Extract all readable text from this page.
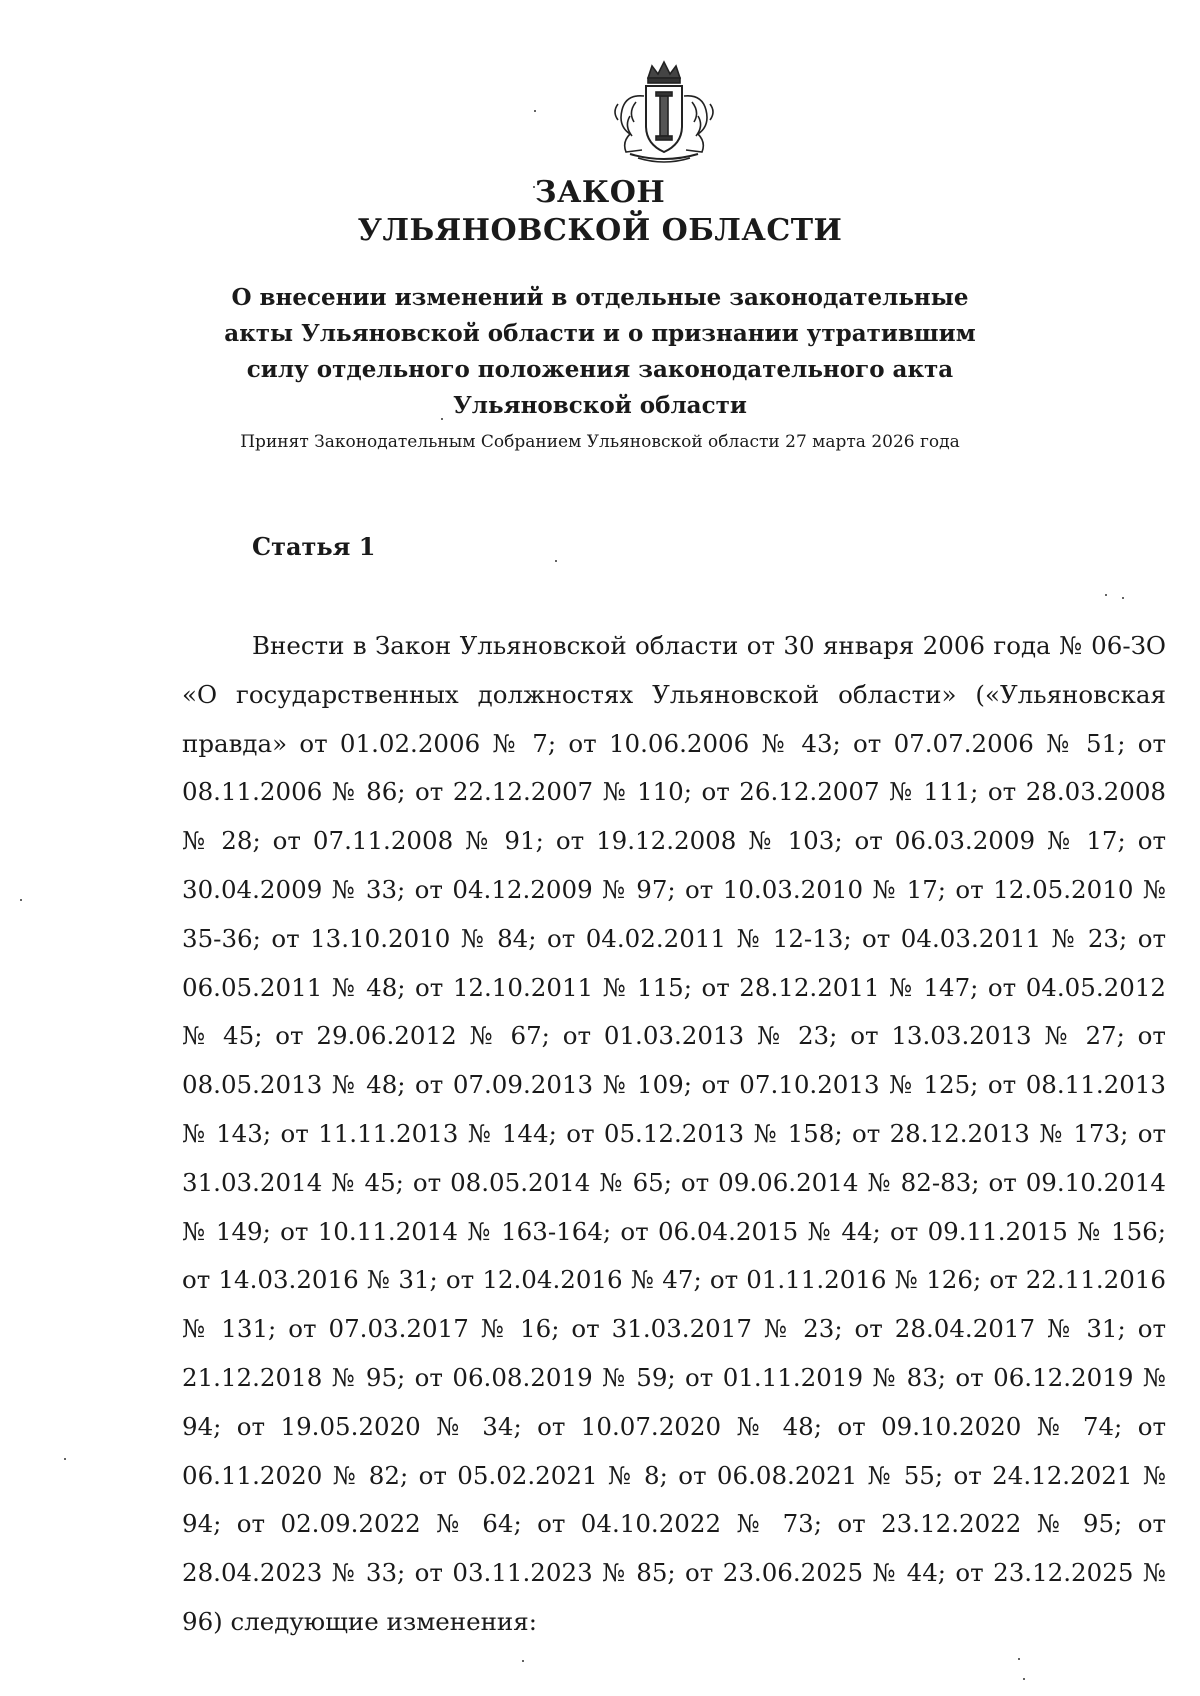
ЗАКОН
УЛЬЯНОВСКОЙ ОБЛАСТИ
О внесении изменений в отдельные законодательные акты Ульяновской области и о признании утратившим силу отдельного положения законодательного акта Ульяновской области
Принят Законодательным Собранием Ульяновской области 27 марта 2026 года
Статья 1

Внести в Закон Ульяновской области от 30 января 2006 года № 06-ЗО «О государственных должностях Ульяновской области» («Ульяновская правда» от 01.02.2006 № 7; от 10.06.2006 № 43; от 07.07.2006 № 51; от 08.11.2006 № 86; от 22.12.2007 № 110; от 26.12.2007 № 111; от 28.03.2008 № 28; от 07.11.2008 № 91; от 19.12.2008 № 103; от 06.03.2009 № 17; от 30.04.2009 № 33; от 04.12.2009 № 97; от 10.03.2010 № 17; от 12.05.2010 № 35-36; от 13.10.2010 № 84; от 04.02.2011 № 12-13; от 04.03.2011 № 23; от 06.05.2011 № 48; от 12.10.2011 № 115; от 28.12.2011 № 147; от 04.05.2012 № 45; от 29.06.2012 № 67; от 01.03.2013 № 23; от 13.03.2013 № 27; от 08.05.2013 № 48; от 07.09.2013 № 109; от 07.10.2013 № 125; от 08.11.2013 № 143; от 11.11.2013 № 144; от 05.12.2013 № 158; от 28.12.2013 № 173; от 31.03.2014 № 45; от 08.05.2014 № 65; от 09.06.2014 № 82-83; от 09.10.2014 № 149; от 10.11.2014 № 163-164; от 06.04.2015 № 44; от 09.11.2015 № 156; от 14.03.2016 № 31; от 12.04.2016 № 47; от 01.11.2016 № 126; от 22.11.2016 № 131; от 07.03.2017 № 16; от 31.03.2017 № 23; от 28.04.2017 № 31; от 21.12.2018 № 95; от 06.08.2019 № 59; от 01.11.2019 № 83; от 06.12.2019 № 94; от 19.05.2020 № 34; от 10.07.2020 № 48; от 09.10.2020 № 74; от 06.11.2020 № 82; от 05.02.2021 № 8; от 06.08.2021 № 55; от 24.12.2021 № 94; от 02.09.2022 № 64; от 04.10.2022 № 73; от 23.12.2022 № 95; от 28.04.2023 № 33; от 03.11.2023 № 85; от 23.06.2025 № 44; от 23.12.2025 № 96) следующие изменения:
